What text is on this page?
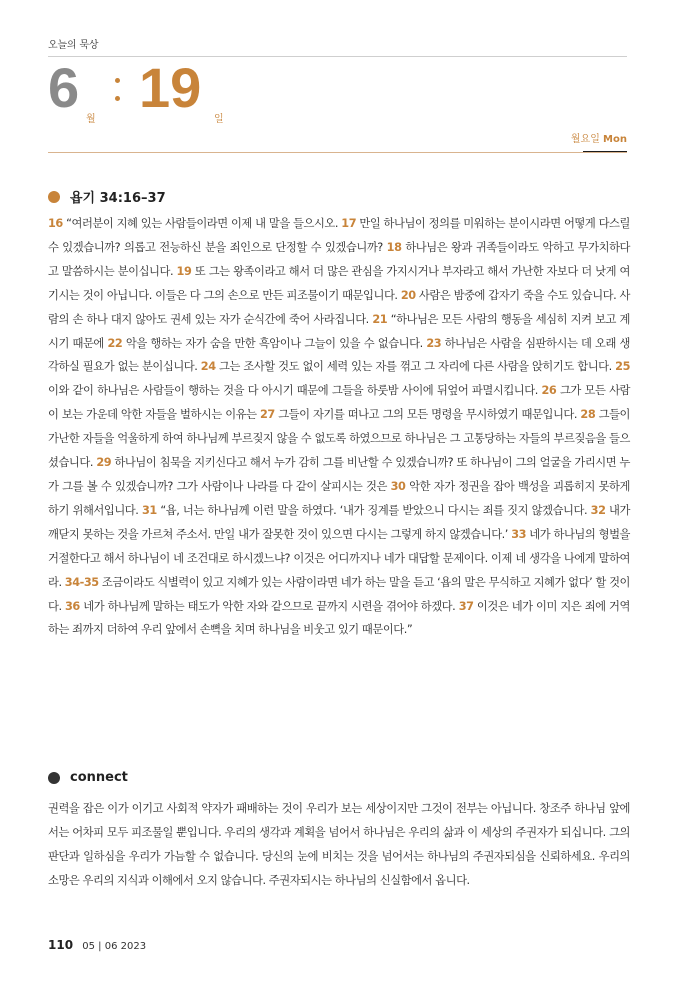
오늘의 묵상
6
월
19
일
월요일 Mon
욥기 34:16–37
16 “여러분이 지혜 있는 사람들이라면 이제 내 말을 들으시오. 17 만일 하나님이 정의를 미워하는 분이시라면 어떻게 다스릴 수 있겠습니까? 의롭고 전능하신 분을 죄인으로 단정할 수 있겠습니까? 18 하나님은 왕과 귀족들이라도 악하고 무가치하다고 말씀하시는 분이십니다. 19 또 그는 왕족이라고 해서 더 많은 관심을 가지시거나 부자라고 해서 가난한 자보다 더 낫게 여기시는 것이 아닙니다. 이들은 다 그의 손으로 만든 피조물이기 때문입니다. 20 사람은 밤중에 갑자기 죽을 수도 있습니다. 사람의 손 하나 대지 않아도 권세 있는 자가 순식간에 죽어 사라집니다. 21 “하나님은 모든 사람의 행동을 세심히 지켜 보고 계시기 때문에 22 악을 행하는 자가 숨을 만한 흑암이나 그늘이 있을 수 없습니다. 23 하나님은 사람을 심판하시는 데 오래 생각하실 필요가 없는 분이십니다. 24 그는 조사할 것도 없이 세력 있는 자를 꺾고 그 자리에 다른 사람을 앉히기도 합니다. 25 이와 같이 하나님은 사람들이 행하는 것을 다 아시기 때문에 그들을 하룻밤 사이에 뒤엎어 파멸시킵니다. 26 그가 모든 사람이 보는 가운데 악한 자들을 벌하시는 이유는 27 그들이 자기를 떠나고 그의 모든 명령을 무시하였기 때문입니다. 28 그들이 가난한 자들을 억울하게 하여 하나님께 부르짖지 않을 수 없도록 하였으므로 하나님은 그 고통당하는 자들의 부르짖음을 들으셨습니다. 29 하나님이 침묵을 지키신다고 해서 누가 감히 그를 비난할 수 있겠습니까? 또 하나님이 그의 얼굴을 가리시면 누가 그를 볼 수 있겠습니까? 그가 사람이나 나라를 다 같이 살피시는 것은 30 악한 자가 정권을 잡아 백성을 괴롭히지 못하게 하기 위해서입니다. 31 “욥, 너는 하나님께 이런 말을 하였다. ‘내가 징계를 받았으니 다시는 죄를 짓지 않겠습니다. 32 내가 깨닫지 못하는 것을 가르쳐 주소서. 만일 내가 잘못한 것이 있으면 다시는 그렇게 하지 않겠습니다.’ 33 네가 하나님의 형벌을 거절한다고 해서 하나님이 네 조건대로 하시겠느냐? 이것은 어디까지나 네가 대답할 문제이다. 이제 네 생각을 나에게 말하여라. 34-35 조금이라도 식별력이 있고 지혜가 있는 사람이라면 네가 하는 말을 듣고 ‘욥의 말은 무식하고 지혜가 없다’ 할 것이다. 36 네가 하나님께 말하는 태도가 악한 자와 같으므로 끝까지 시련을 겪어야 하겠다. 37 이것은 네가 이미 지은 죄에 거역하는 죄까지 더하여 우리 앞에서 손뼉을 치며 하나님을 비웃고 있기 때문이다.”
connect
권력을 잡은 이가 이기고 사회적 약자가 패배하는 것이 우리가 보는 세상이지만 그것이 전부는 아닙니다. 창조주 하나님 앞에서는 어차피 모두 피조물일 뿐입니다. 우리의 생각과 계획을 넘어서 하나님은 우리의 삶과 이 세상의 주권자가 되십니다. 그의 판단과 일하심을 우리가 가늠할 수 없습니다. 당신의 눈에 비치는 것을 넘어서는 하나님의 주권자되심을 신뢰하세요. 우리의 소망은 우리의 지식과 이해에서 오지 않습니다. 주권자되시는 하나님의 신실함에서 옵니다.
110 05 | 06 2023
